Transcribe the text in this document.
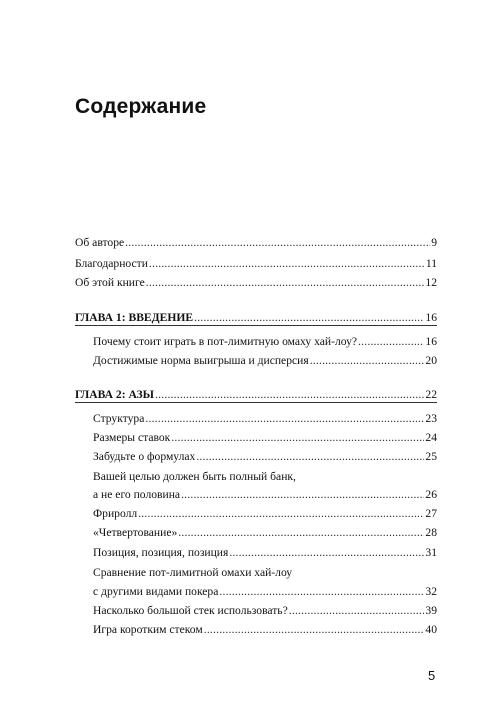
Содержание
Об авторе .....	9
Благодарности .....	11
Об этой книге .....	12
ГЛАВА 1: ВВЕДЕНИЕ .....	16
Почему стоит играть в пот-лимитную омаху хай-лоу? .....	16
Достижимые норма выигрыша и дисперсия .....	20
ГЛАВА 2: АЗЫ .....	22
Структура .....	23
Размеры ставок .....	24
Забудьте о формулах .....	25
Вашей целью должен быть полный банк,
а не его половина .....	26
Фриролл .....	27
«Четвертование» .....	28
Позиция, позиция, позиция .....	31
Сравнение пот-лимитной омахи хай-лоу
с другими видами покера .....	32
Насколько большой стек использовать? .....	39
Игра коротким стеком .....	40
5
